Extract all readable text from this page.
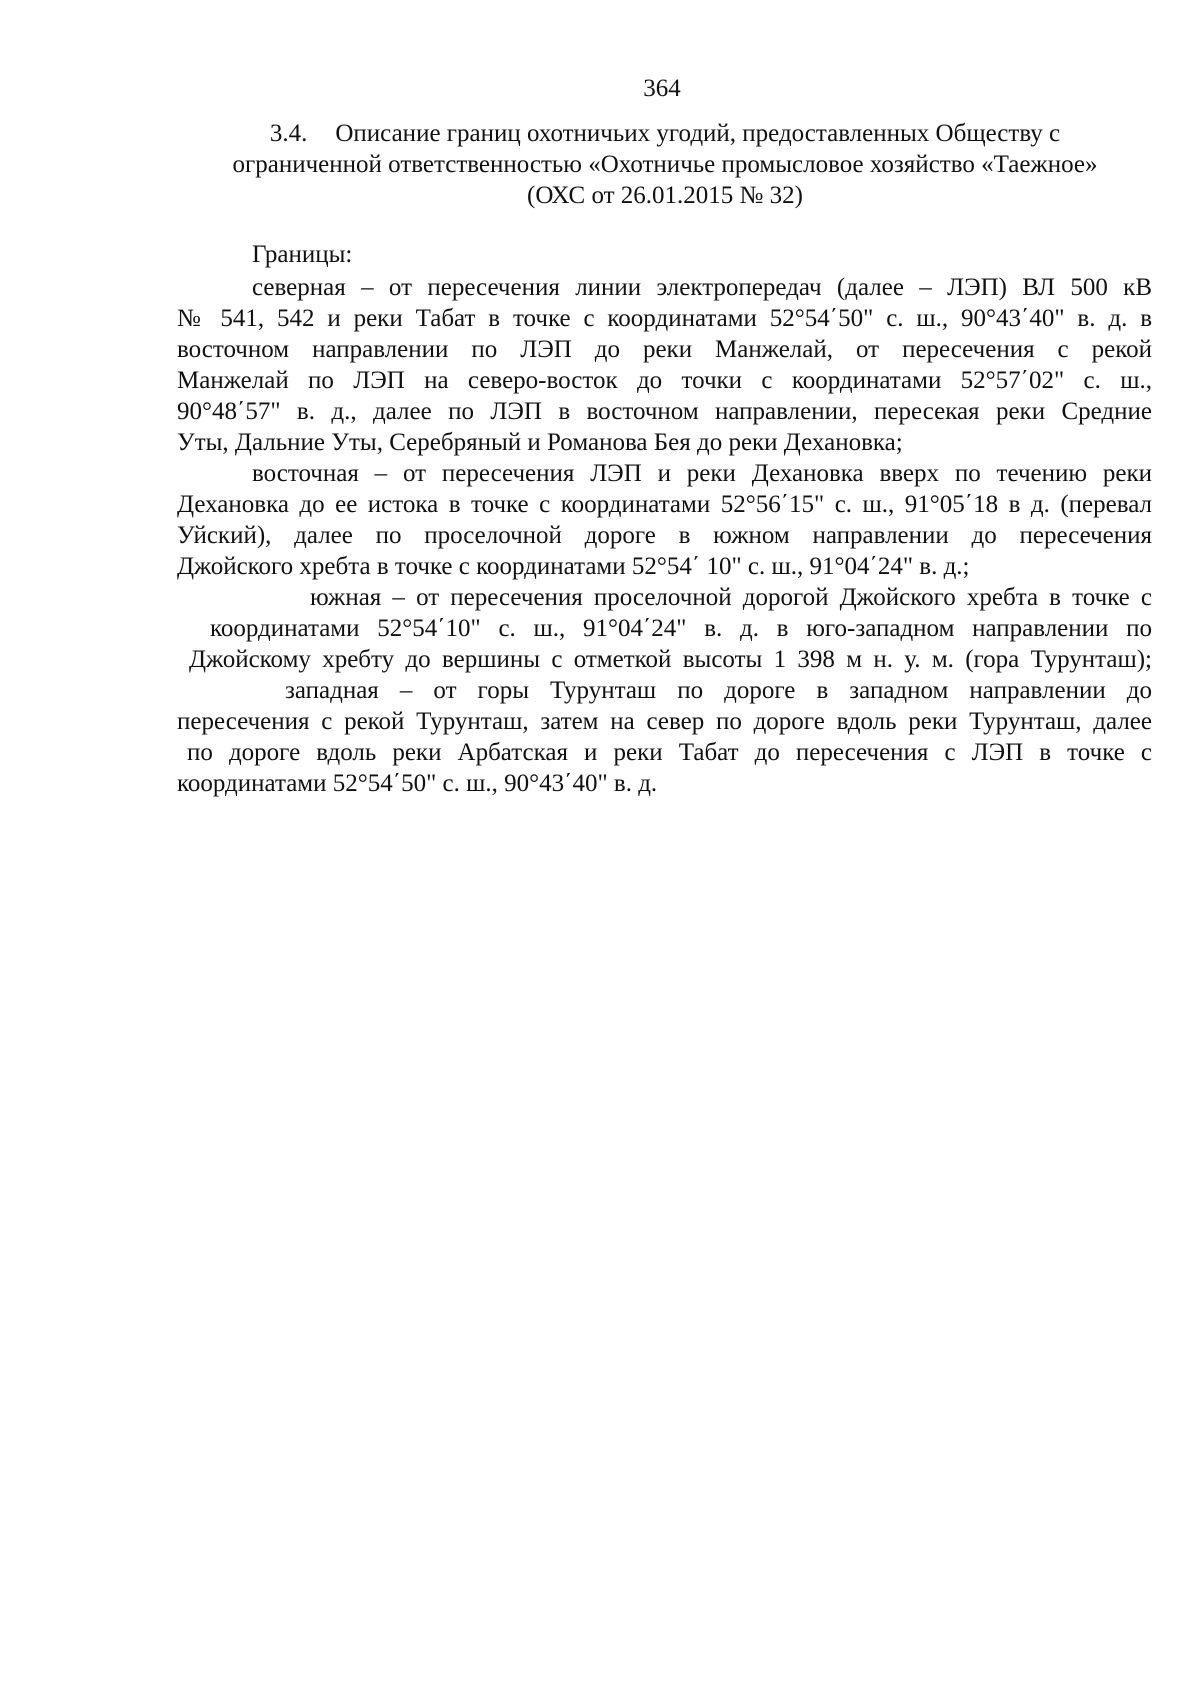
364
3.4. Описание границ охотничьих угодий, предоставленных Обществу с
ограниченной ответственностью «Охотничье промысловое хозяйство «Таежное»
(ОХС от 26.01.2015 № 32)
Границы:
северная – от пересечения линии электропередач (далее – ЛЭП) ВЛ 500 кВ
№ 541, 542 и реки Табат в точке с координатами 52°54΄50" с. ш., 90°43΄40" в. д. в
восточном направлении по ЛЭП до реки Манжелай, от пересечения с рекой
Манжелай по ЛЭП на северо-восток до точки с координатами 52°57΄02" с. ш.,
90°48΄57" в. д., далее по ЛЭП в восточном направлении, пересекая реки Средние
Уты, Дальние Уты, Серебряный и Романова Бея до реки Дехановка;
восточная – от пересечения ЛЭП и реки Дехановка вверх по течению реки
Дехановка до ее истока в точке с координатами 52°56΄15" с. ш., 91°05΄18 в д. (перевал
Уйский), далее по проселочной дороге в южном направлении до пересечения
Джойского хребта в точке с координатами 52°54΄ 10" с. ш., 91°04΄24" в. д.;
южная – от пересечения проселочной дорогой Джойского хребта в точке с
координатами 52°54΄10" с. ш., 91°04΄24" в. д. в юго-западном направлении по
Джойскому хребту до вершины с отметкой высоты 1 398 м н. у. м. (гора Турунташ);
западная – от горы Турунташ по дороге в западном направлении до
пересечения с рекой Турунташ, затем на север по дороге вдоль реки Турунташ, далее
по дороге вдоль реки Арбатская и реки Табат до пересечения с ЛЭП в точке с
координатами 52°54΄50" с. ш., 90°43΄40" в. д.
